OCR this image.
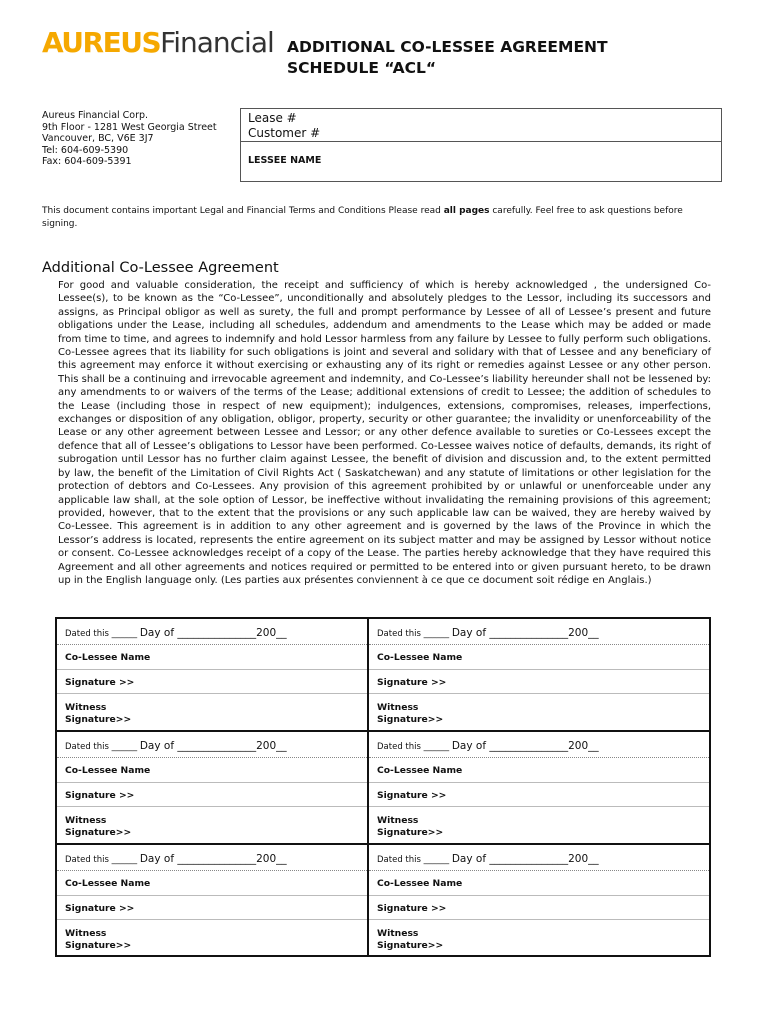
AUREUSFinancial ADDITIONAL CO-LESSEE AGREEMENT
SCHEDULE “ACL“
Aureus Financial Corp.
9th Floor - 1281 West Georgia Street
Vancouver, BC, V6E 3J7
Tel: 604-609-5390
Fax: 604-609-5391
Lease #
Customer #
LESSEE NAME
This document contains important Legal and Financial Terms and Conditions Please read all pages carefully. Feel free to ask questions before signing.
Additional Co-Lessee Agreement
For good and valuable consideration, the receipt and sufficiency of which is hereby acknowledged , the undersigned Co-Lessee(s), to be known as the “Co-Lessee”, unconditionally and absolutely pledges to the Lessor, including its successors and assigns, as Principal obligor as well as surety, the full and prompt performance by Lessee of all of Lessee’s present and future obligations under the Lease, including all schedules, addendum and amendments to the Lease which may be added or made from time to time, and agrees to indemnify and hold Lessor harmless from any failure by Lessee to fully perform such obligations. Co-Lessee agrees that its liability for such obligations is joint and several and solidary with that of Lessee and any beneficiary of this agreement may enforce it without exercising or exhausting any of its right or remedies against Lessee or any other person. This shall be a continuing and irrevocable agreement and indemnity, and Co-Lessee’s liability hereunder shall not be lessened by: any amendments to or waivers of the terms of the Lease; additional extensions of credit to Lessee; the addition of schedules to the Lease (including those in respect of new equipment); indulgences, extensions, compromises, releases, imperfections, exchanges or disposition of any obligation, obligor, property, security or other guarantee; the invalidity or unenforceability of the Lease or any other agreement between Lessee and Lessor; or any other defence available to sureties or Co-Lessees except the defence that all of Lessee’s obligations to Lessor have been performed. Co-Lessee waives notice of defaults, demands, its right of subrogation until Lessor has no further claim against Lessee, the benefit of division and discussion and, to the extent permitted by law, the benefit of the Limitation of Civil Rights Act ( Saskatchewan) and any statute of limitations or other legislation for the protection of debtors and Co-Lessees. Any provision of this agreement prohibited by or unlawful or unenforceable under any applicable law shall, at the sole option of Lessor, be ineffective without invalidating the remaining provisions of this agreement; provided, however, that to the extent that the provisions or any such applicable law can be waived, they are hereby waived by Co-Lessee. This agreement is in addition to any other agreement and is governed by the laws of the Province in which the Lessor’s address is located, represents the entire agreement on its subject matter and may be assigned by Lessor without notice or consent. Co-Lessee acknowledges receipt of a copy of the Lease. The parties hereby acknowledge that they have required this Agreement and all other agreements and notices required or permitted to be entered into or given pursuant hereto, to be drawn up in the English language only. (Les parties aux présentes conviennent à ce que ce document soit rédige en Anglais.)
Dated this ______ Day of _______________200__
Co-Lessee Name
Signature >>
Witness
Signature>>
Dated this ______ Day of _______________200__
Co-Lessee Name
Signature >>
Witness
Signature>>
Dated this ______ Day of _______________200__
Co-Lessee Name
Signature >>
Witness
Signature>>
Dated this ______ Day of _______________200__
Co-Lessee Name
Signature >>
Witness
Signature>>
Dated this ______ Day of _______________200__
Co-Lessee Name
Signature >>
Witness
Signature>>
Dated this ______ Day of _______________200__
Co-Lessee Name
Signature >>
Witness
Signature>>
